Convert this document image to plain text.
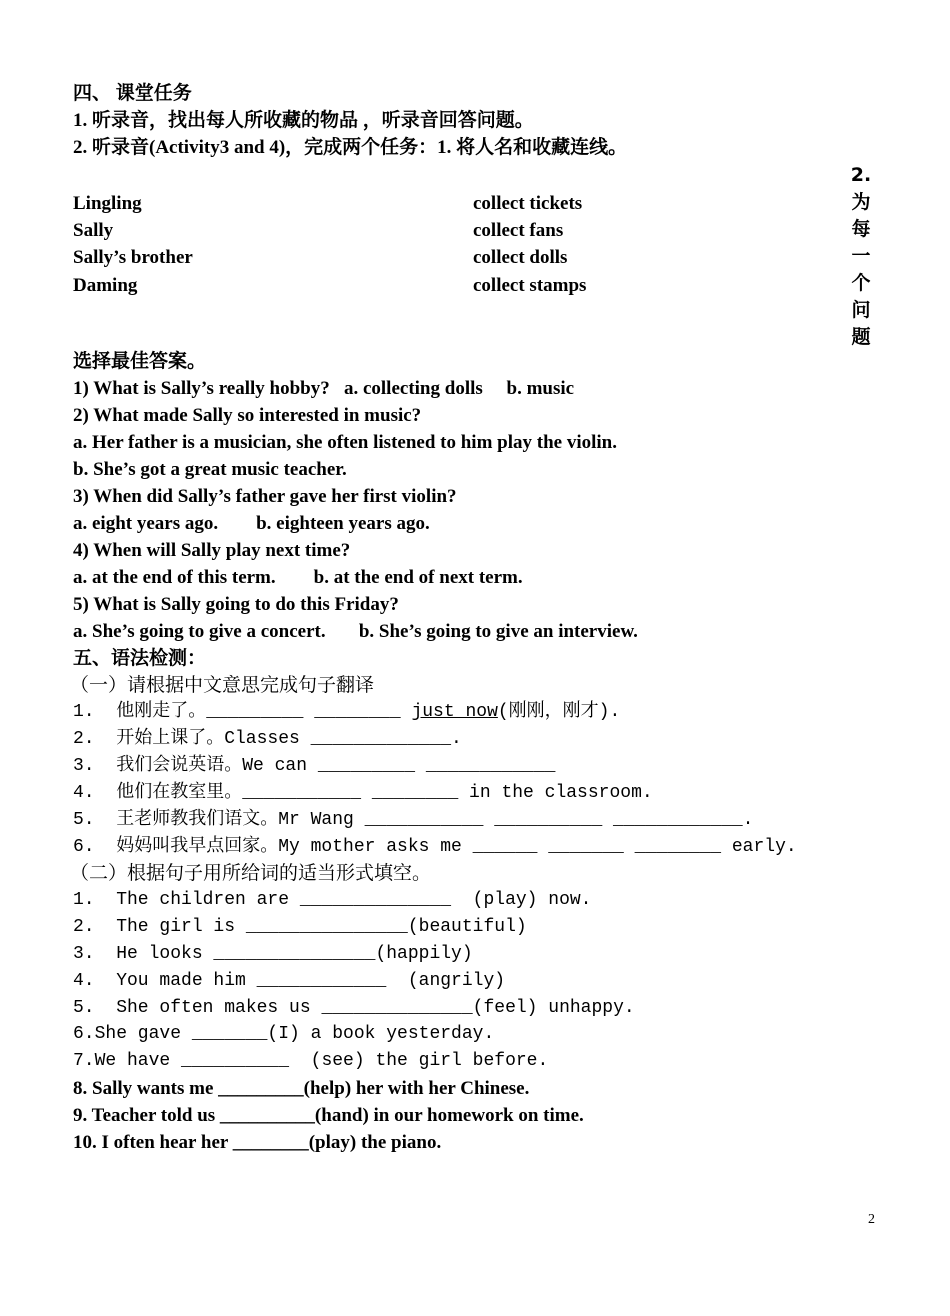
四、 课堂任务
1. 听录音，找出每人所收藏的物品 ，听录音回答问题。
2. 听录音(Activity3 and 4)，完成两个任务：1. 将人名和收藏连线。
2.
为
每
一
个
问
题
Lingling	collect tickets
Sally	collect fans
Sally’s brother	collect dolls
Daming	collect stamps
选择最佳答案。
1) What is Sally’s really hobby?   a. collecting dolls     b. music
2) What made Sally so interested in music?
a. Her father is a musician, she often listened to him play the violin.
b. She’s got a great music teacher.
3) When did Sally’s father gave her first violin?
a. eight years ago.        b. eighteen years ago.
4) When will Sally play next time?
a. at the end of this term.        b. at the end of next term.
5) What is Sally going to do this Friday?
a. She’s going to give a concert.       b. She’s going to give an interview.
五、语法检测：
（一）请根据中文意思完成句子翻译
1.  他刚走了。_________ ________ just now(刚刚，刚才).
2.  开始上课了。Classes _____________.
3.  我们会说英语。We can _________ ____________
4.  他们在教室里。___________ ________ in the classroom.
5.  王老师教我们语文。Mr Wang ___________ __________ ____________.
6.  妈妈叫我早点回家。My mother asks me ______ _______ ________ early.
（二）根据句子用所给词的适当形式填空。
1.  The children are ______________  (play) now.
2.  The girl is _______________(beautiful)
3.  He looks _______________(happily)
4.  You made him ____________  (angrily)
5.  She often makes us ______________(feel) unhappy.
6.She gave _______(I) a book yesterday.
7.We have __________  (see) the girl before.
8. Sally wants me _________(help) her with her Chinese.
9. Teacher told us __________(hand) in our homework on time.
10. I often hear her ________(play) the piano.
2
